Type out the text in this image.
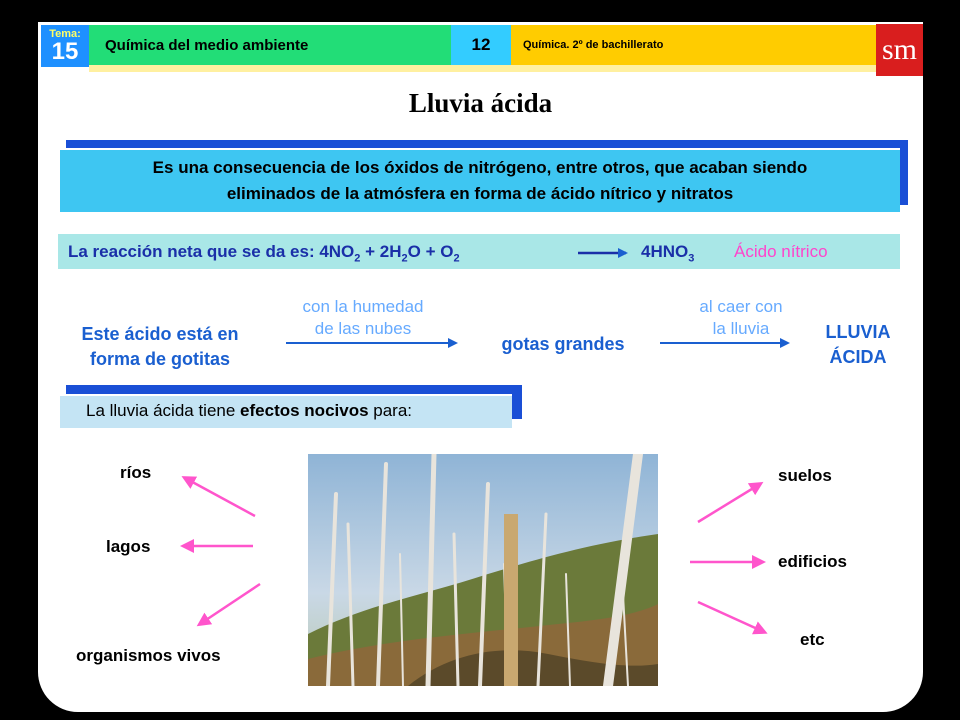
Tema:
15	Química del medio ambiente	12	Química. 2º de bachillerato	sm
Lluvia ácida
Es una consecuencia de los óxidos de nitrógeno, entre otros, que acaban siendo
eliminados de la atmósfera en forma de ácido nítrico y nitratos
La reacción neta que se da es: $4NO_2 + 2H_2O + O_2$	$4HNO_3$ Ácido nítrico
Este ácido está en
forma de gotitas
con la humedad
de las nubes
gotas grandes
al caer con
la lluvia	LLUVIA
ÁCIDA
La lluvia ácida tiene efectos nocivos para:
ríos
lagos
organismos vivos
suelos
edificios
etc
